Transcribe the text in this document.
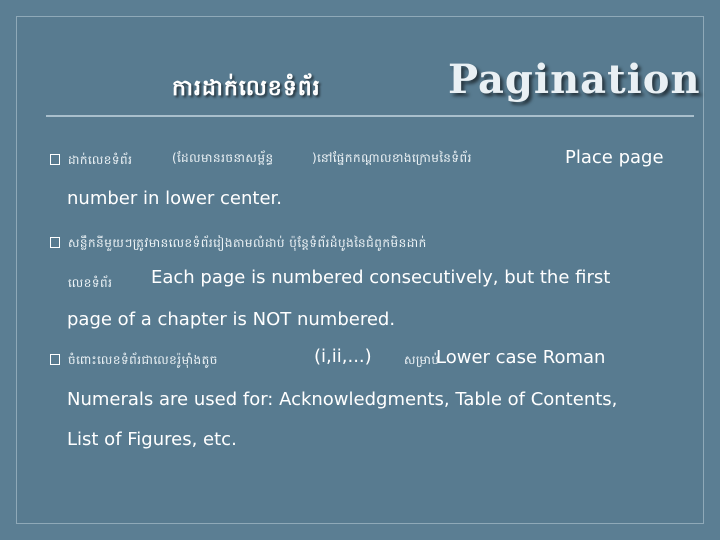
ការដាក់លេខទំព័រ	Pagination
ដាក់លេខទំព័រ	(ដែលមានរចនាសម្ព័ន្ធ	)នៅផ្នែកកណ្តាលខាងក្រោមនៃទំព័រ	Place page
number in lower center.
សន្លឹកនីមួយៗត្រូវមានលេខទំព័ររៀងតាមលំដាប់ ប៉ុន្តែទំព័រដំបូងនៃជំពូកមិនដាក់
លេខទំព័រ Each page is numbered consecutively, but the first
page of a chapter is NOT numbered.
ចំពោះលេខទំព័រជាលេខរ៉ូម៉ាំងតូច	(i,ii,...)	សម្រាប់
Lower case Roman
Numerals are used for: Acknowledgments, Table of Contents,
List of Figures, etc.
